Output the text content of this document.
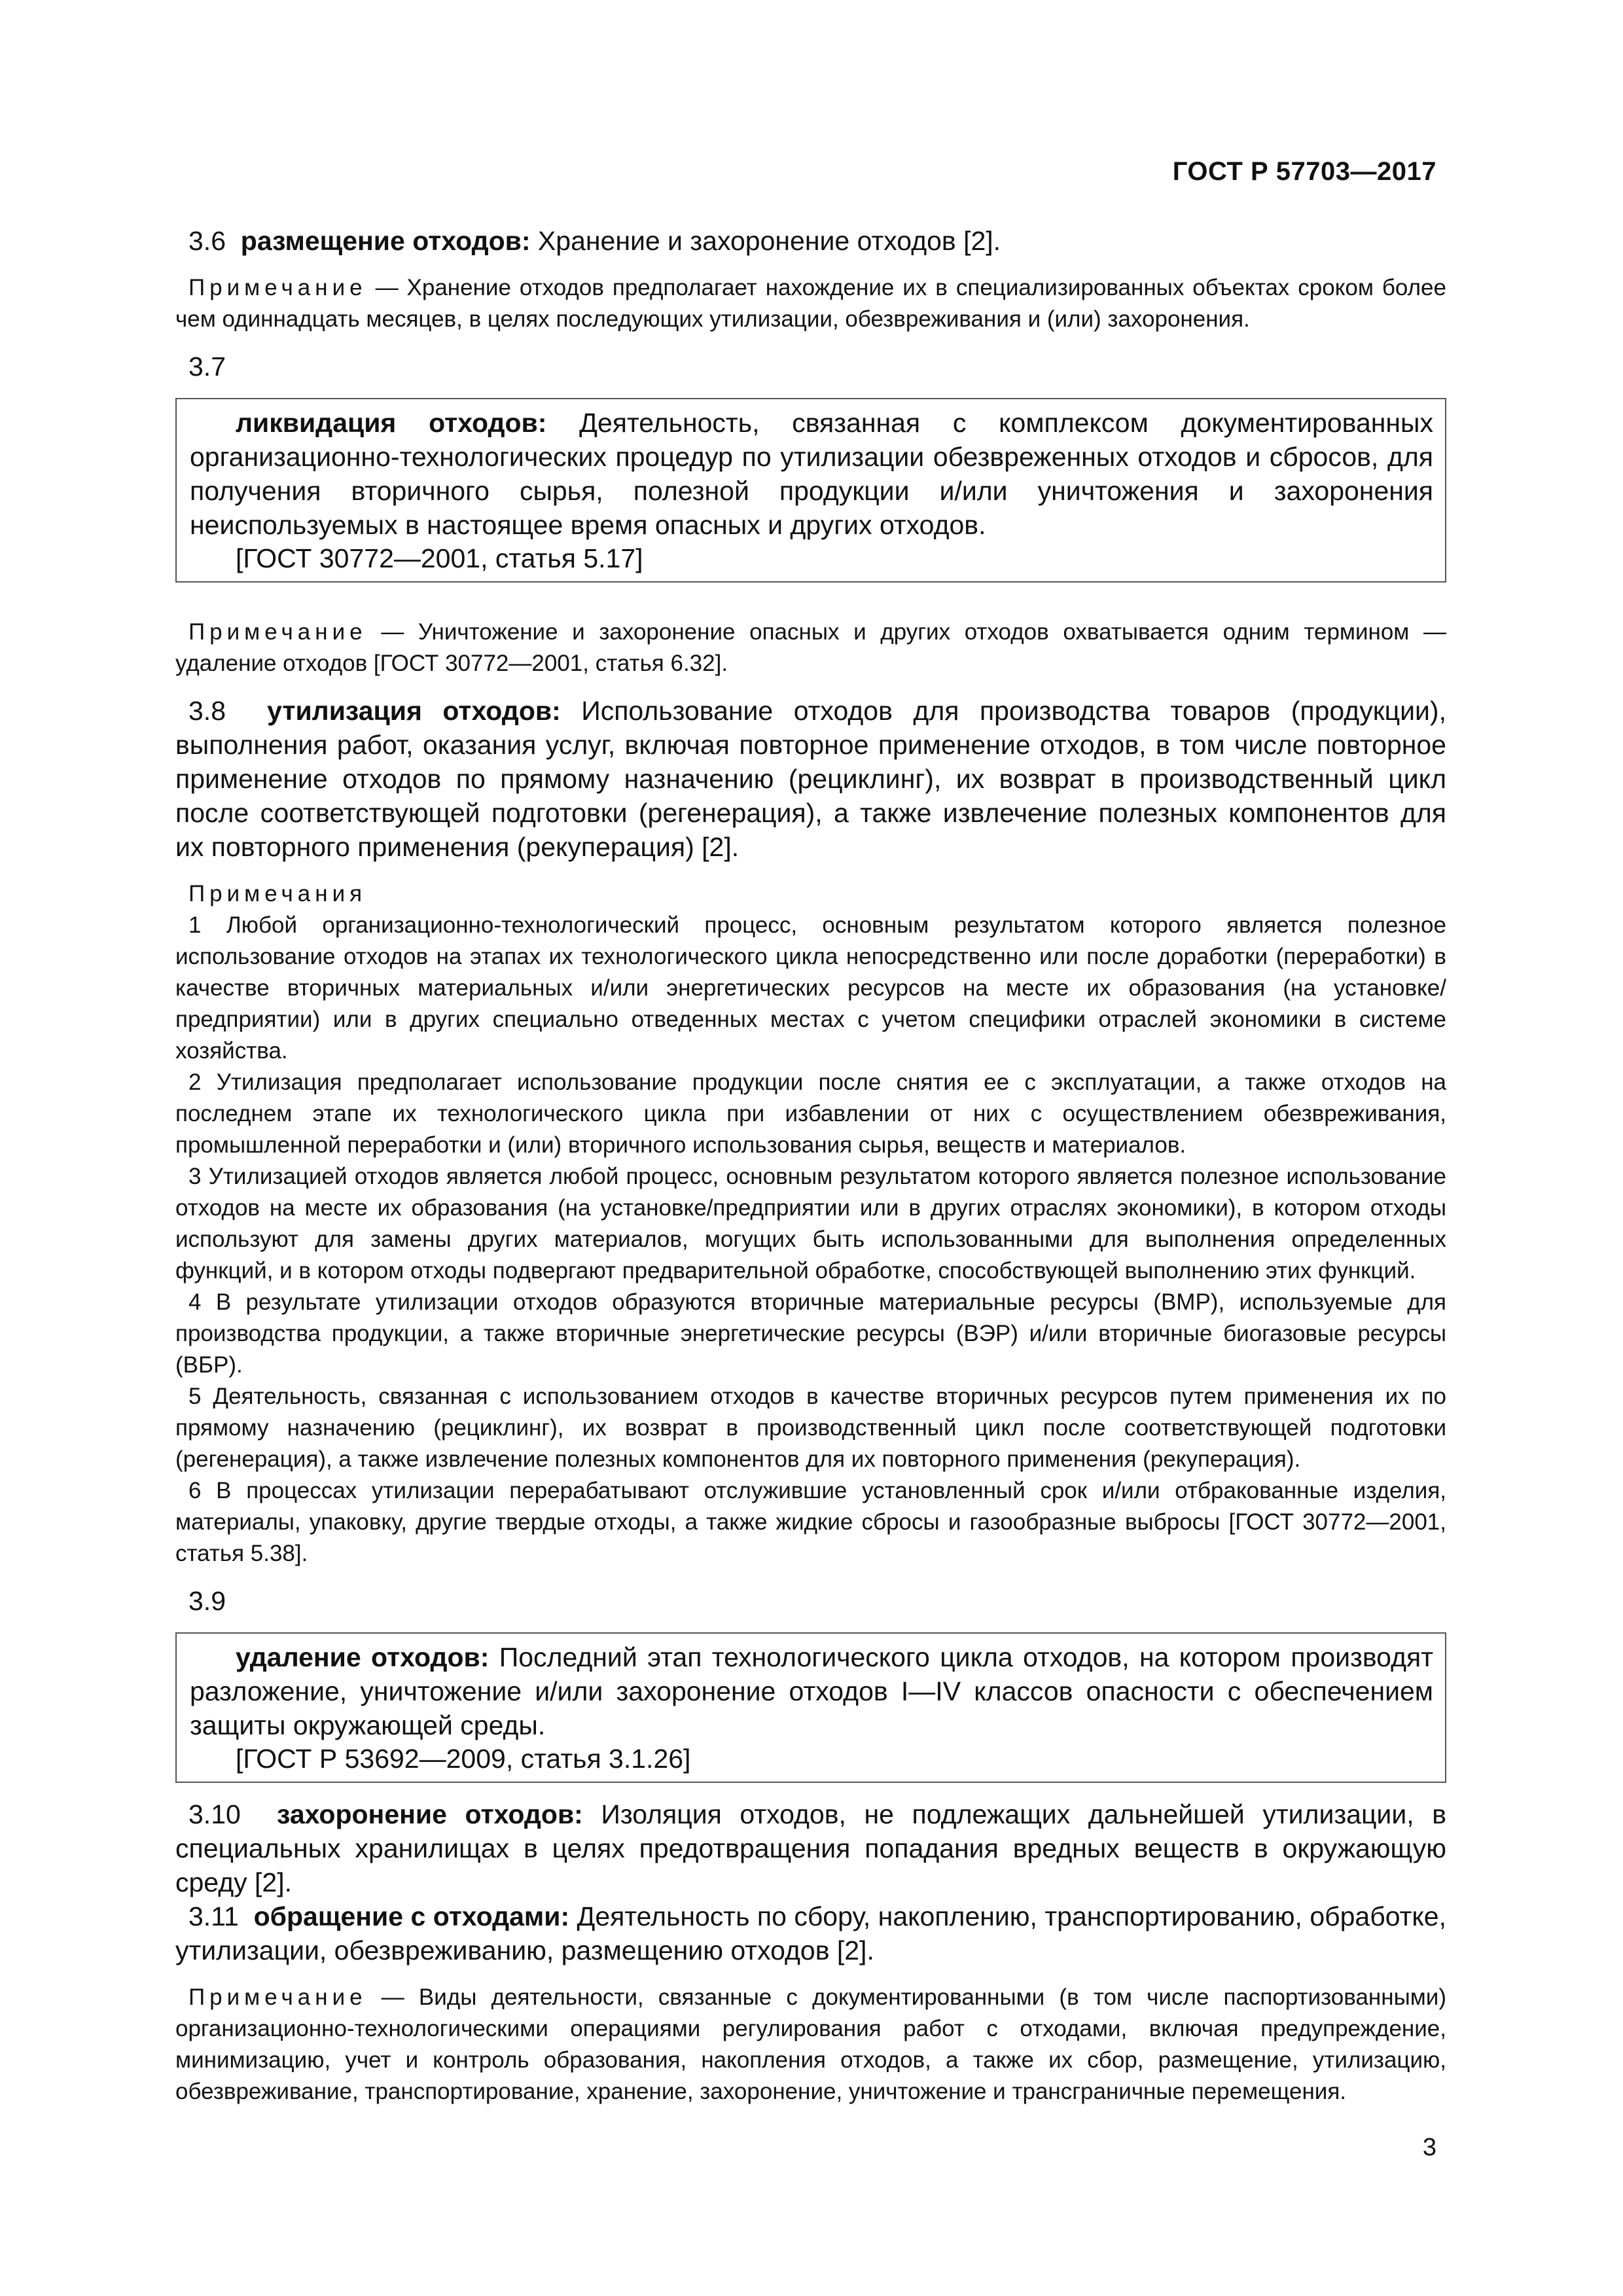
ГОСТ Р 57703—2017

3.6 размещение отходов: Хранение и захоронение отходов [2].

Примечание — Хранение отходов предполагает нахождение их в специализированных объектах сроком более чем одиннадцать месяцев, в целях последующих утилизации, обезвреживания и (или) захоронения.

3.7

ликвидация отходов: Деятельность, связанная с комплексом документированных организационно-технологических процедур по утилизации обезвреженных отходов и сбросов, для получения вторичного сырья, полезной продукции и/или уничтожения и захоронения неиспользуемых в настоящее время опасных и других отходов.

[ГОСТ 30772—2001, статья 5.17]

Примечание — Уничтожение и захоронение опасных и других отходов охватывается одним термином — удаление отходов [ГОСТ 30772—2001, статья 6.32].

3.8 утилизация отходов: Использование отходов для производства товаров (продукции), выполнения работ, оказания услуг, включая повторное применение отходов, в том числе повторное применение отходов по прямому назначению (рециклинг), их возврат в производственный цикл после соответствующей подготовки (регенерация), а также извлечение полезных компонентов для их повторного применения (рекуперация) [2].

Примечания

1 Любой организационно-технологический процесс, основным результатом которого является полезное использование отходов на этапах их технологического цикла непосредственно или после доработки (переработки) в качестве вторичных материальных и/или энергетических ресурсов на месте их образования (на установке/предприятии) или в других специально отведенных местах с учетом специфики отраслей экономики в системе хозяйства.

2 Утилизация предполагает использование продукции после снятия ее с эксплуатации, а также отходов на последнем этапе их технологического цикла при избавлении от них с осуществлением обезвреживания, промышленной переработки и (или) вторичного использования сырья, веществ и материалов.

3 Утилизацией отходов является любой процесс, основным результатом которого является полезное использование отходов на месте их образования (на установке/предприятии или в других отраслях экономики), в котором отходы используют для замены других материалов, могущих быть использованными для выполнения определенных функций, и в котором отходы подвергают предварительной обработке, способствующей выполнению этих функций.

4 В результате утилизации отходов образуются вторичные материальные ресурсы (ВМР), используемые для производства продукции, а также вторичные энергетические ресурсы (ВЭР) и/или вторичные биогазовые ресурсы (ВБР).

5 Деятельность, связанная с использованием отходов в качестве вторичных ресурсов путем применения их по прямому назначению (рециклинг), их возврат в производственный цикл после соответствующей подготовки (регенерация), а также извлечение полезных компонентов для их повторного применения (рекуперация).

6 В процессах утилизации перерабатывают отслужившие установленный срок и/или отбракованные изделия, материалы, упаковку, другие твердые отходы, а также жидкие сбросы и газообразные выбросы [ГОСТ 30772—2001, статья 5.38].

3.9

удаление отходов: Последний этап технологического цикла отходов, на котором производят разложение, уничтожение и/или захоронение отходов I—IV классов опасности с обеспечением защиты окружающей среды.

[ГОСТ Р 53692—2009, статья 3.1.26]

3.10 захоронение отходов: Изоляция отходов, не подлежащих дальнейшей утилизации, в специальных хранилищах в целях предотвращения попадания вредных веществ в окружающую среду [2].

3.11 обращение с отходами: Деятельность по сбору, накоплению, транспортированию, обработке, утилизации, обезвреживанию, размещению отходов [2].

Примечание — Виды деятельности, связанные с документированными (в том числе паспортизованными) организационно-технологическими операциями регулирования работ с отходами, включая предупреждение, минимизацию, учет и контроль образования, накопления отходов, а также их сбор, размещение, утилизацию, обезвреживание, транспортирование, хранение, захоронение, уничтожение и трансграничные перемещения.

3
